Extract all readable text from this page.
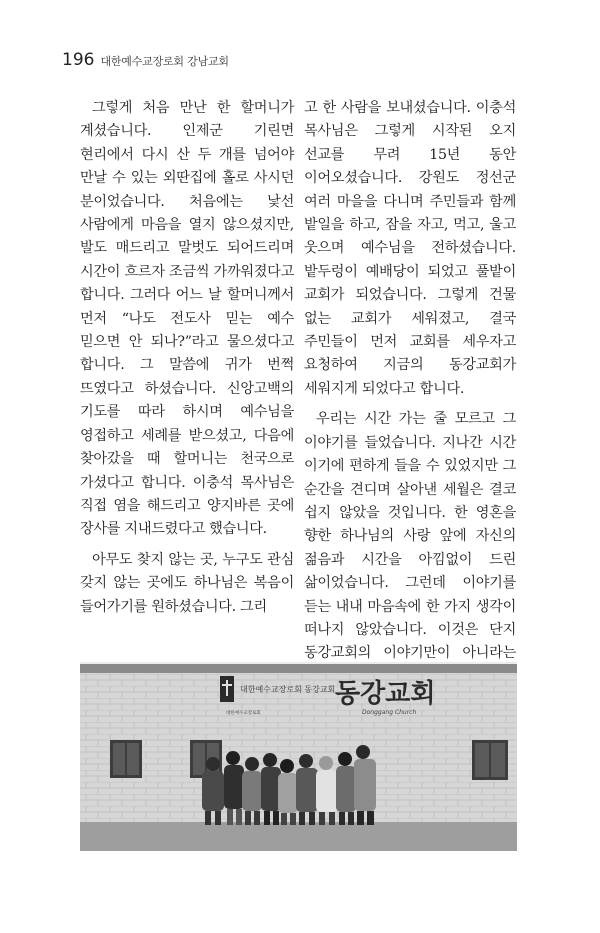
196 대한예수교장로회 강남교회

그렇게 처음 만난 한 할머니가 계셨습니다. 인제군 기린면 현리에서 다시 산 두 개를 넘어야 만날 수 있는 외딴집에 홀로 사시던 분이었습니다. 처음에는 낯선 사람에게 마음을 열지 않으셨지만, 발도 매드리고 말벗도 되어드리며 시간이 흐르자 조금씩 가까워졌다고 합니다. 그러다 어느 날 할머니께서 먼저 “나도 전도사 믿는 예수 믿으면 안 되나?”라고 물으셨다고 합니다. 그 말씀에 귀가 번쩍 뜨였다고 하셨습니다. 신앙고백의 기도를 따라 하시며 예수님을 영접하고 세례를 받으셨고, 다음에 찾아갔을 때 할머니는 천국으로 가셨다고 합니다. 이충석 목사님은 직접 염을 해드리고 양지바른 곳에 장사를 지내드렸다고 했습니다.

아무도 찾지 않는 곳, 누구도 관심 갖지 않는 곳에도 하나님은 복음이 들어가기를 원하셨습니다. 그리

고 한 사람을 보내셨습니다. 이충석 목사님은 그렇게 시작된 오지 선교를 무려 15년 동안 이어오셨습니다. 강원도 정선군 여러 마을을 다니며 주민들과 함께 밭일을 하고, 잠을 자고, 먹고, 울고 웃으며 예수님을 전하셨습니다. 밭두렁이 예배당이 되었고 풀밭이 교회가 되었습니다. 그렇게 건물 없는 교회가 세워졌고, 결국 주민들이 먼저 교회를 세우자고 요청하여 지금의 동강교회가 세워지게 되었다고 합니다.

우리는 시간 가는 줄 모르고 그 이야기를 들었습니다. 지나간 시간 이기에 편하게 들을 수 있었지만 그 순간을 견디며 살아낸 세월은 결코 쉽지 않았을 것입니다. 한 영혼을 향한 하나님의 사랑 앞에 자신의 젊음과 시간을 아낌없이 드린 삶이었습니다. 그런데 이야기를 듣는 내내 마음속에 한 가지 생각이 떠나지 않았습니다. 이것은 단지 동강교회의 이야기만이 아니라는

대한예수교장로회 동강교회
대한예수교장로회
동강교회
Donggang Church
